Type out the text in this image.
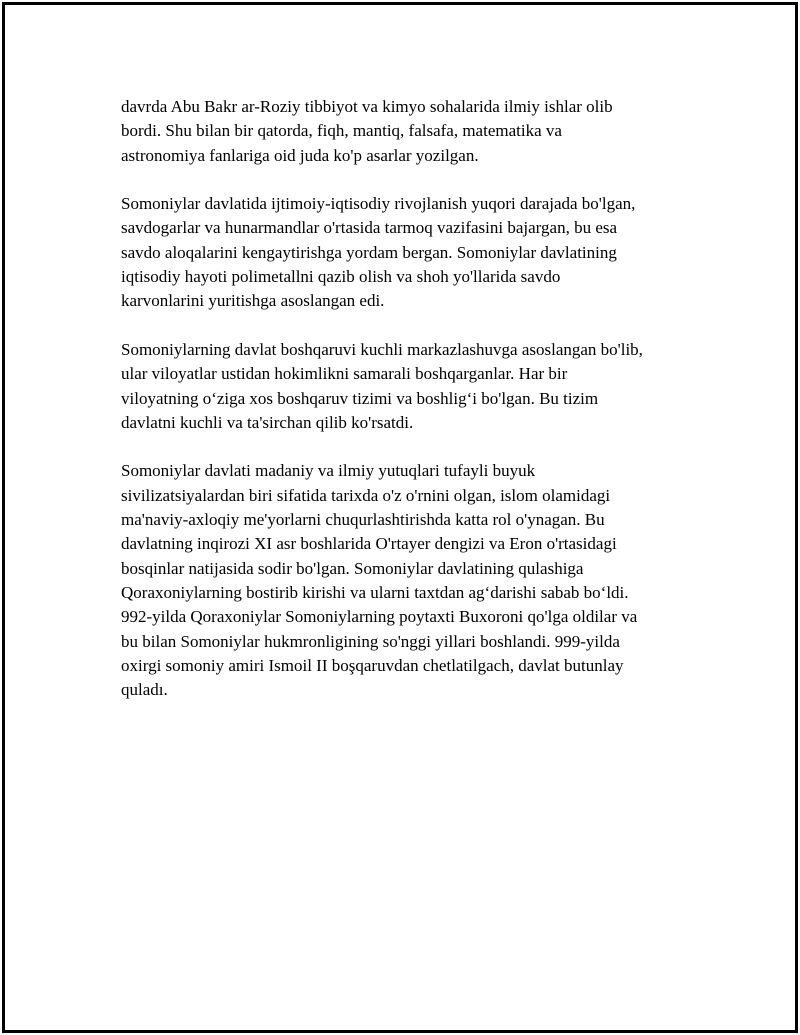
davrda Abu Bakr ar-Roziy tibbiyot va kimyo sohalarida ilmiy ishlar olib
bordi. Shu bilan bir qatorda, fiqh, mantiq, falsafa, matematika va
astronomiya fanlariga oid juda ko'p asarlar yozilgan.

Somoniylar davlatida ijtimoiy-iqtisodiy rivojlanish yuqori darajada bo'lgan,
savdogarlar va hunarmandlar o'rtasida tarmoq vazifasini bajargan, bu esa
savdo aloqalarini kengaytirishga yordam bergan. Somoniylar davlatining
iqtisodiy hayoti polimetallni qazib olish va shoh yo'llarida savdo
karvonlarini yuritishga asoslangan edi.

Somoniylarning davlat boshqaruvi kuchli markazlashuvga asoslangan bo'lib,
ular viloyatlar ustidan hokimlikni samarali boshqarganlar. Har bir
viloyatning o‘ziga xos boshqaruv tizimi va boshlig‘i bo'lgan. Bu tizim
davlatni kuchli va ta'sirchan qilib ko'rsatdi.

Somoniylar davlati madaniy va ilmiy yutuqlari tufayli buyuk
sivilizatsiyalardan biri sifatida tarixda o'z o'rnini olgan, islom olamidagi
ma'naviy-axloqiy me'yorlarni chuqurlashtirishda katta rol o'ynagan. Bu
davlatning inqirozi XI asr boshlarida O'rtayer dengizi va Eron o'rtasidagi
bosqinlar natijasida sodir bo'lgan. Somoniylar davlatining qulashiga
Qoraxoniylarning bostirib kirishi va ularni taxtdan ag‘darishi sabab bo‘ldi.
992-yilda Qoraxoniylar Somoniylarning poytaxti Buxoroni qo'lga oldilar va
bu bilan Somoniylar hukmronligining so'nggi yillari boshlandi. 999-yilda
oxirgi somoniy amiri Ismoil II boşqaruvdan chetlatilgach, davlat butunlay
quladı.
